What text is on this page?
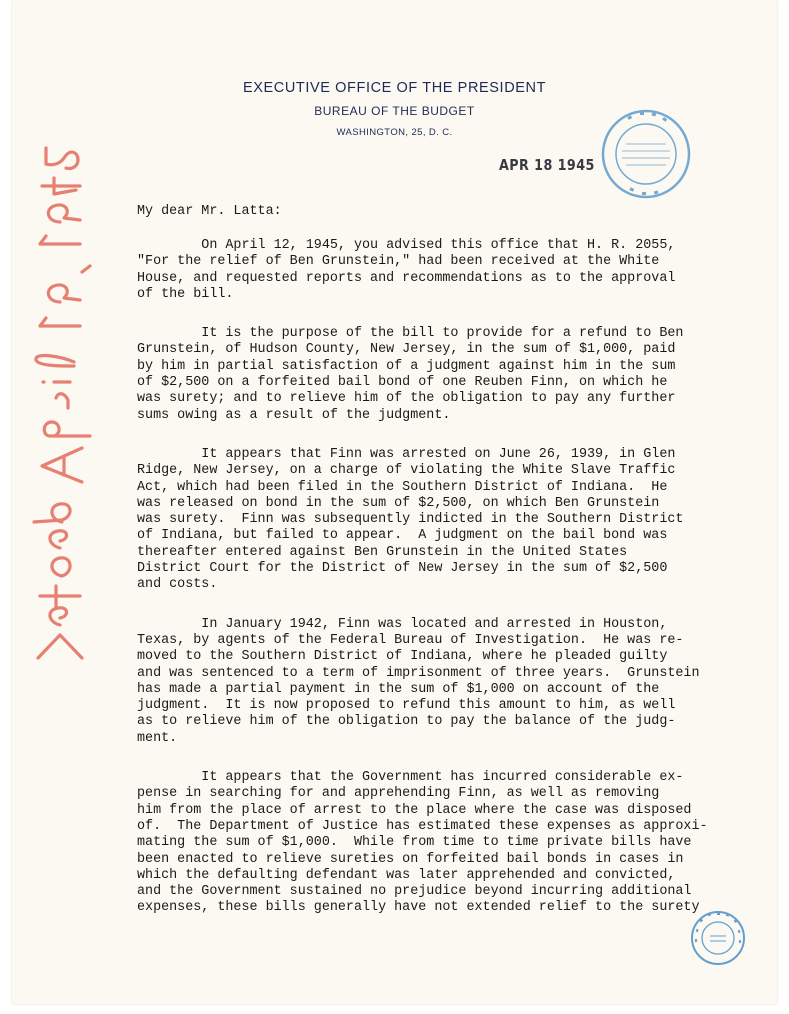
EXECUTIVE OFFICE OF THE PRESIDENT
BUREAU OF THE BUDGET
WASHINGTON, 25, D. C.
APR 18 1945
My dear Mr. Latta:
On April 12, 1945, you advised this office that H. R. 2055,
"For the relief of Ben Grunstein," had been received at the White
House, and requested reports and recommendations as to the approval
of the bill.
It is the purpose of the bill to provide for a refund to Ben
Grunstein, of Hudson County, New Jersey, in the sum of $1,000, paid
by him in partial satisfaction of a judgment against him in the sum
of $2,500 on a forfeited bail bond of one Reuben Finn, on which he
was surety; and to relieve him of the obligation to pay any further
sums owing as a result of the judgment.
It appears that Finn was arrested on June 26, 1939, in Glen
Ridge, New Jersey, on a charge of violating the White Slave Traffic
Act, which had been filed in the Southern District of Indiana.  He
was released on bond in the sum of $2,500, on which Ben Grunstein
was surety.  Finn was subsequently indicted in the Southern District
of Indiana, but failed to appear.  A judgment on the bail bond was
thereafter entered against Ben Grunstein in the United States
District Court for the District of New Jersey in the sum of $2,500
and costs.
In January 1942, Finn was located and arrested in Houston,
Texas, by agents of the Federal Bureau of Investigation.  He was re-
moved to the Southern District of Indiana, where he pleaded guilty
and was sentenced to a term of imprisonment of three years.  Grunstein
has made a partial payment in the sum of $1,000 on account of the
judgment.  It is now proposed to refund this amount to him, as well
as to relieve him of the obligation to pay the balance of the judg-
ment.
It appears that the Government has incurred considerable ex-
pense in searching for and apprehending Finn, as well as removing
him from the place of arrest to the place where the case was disposed
of.  The Department of Justice has estimated these expenses as approxi-
mating the sum of $1,000.  While from time to time private bills have
been enacted to relieve sureties on forfeited bail bonds in cases in
which the defaulting defendant was later apprehended and convicted,
and the Government sustained no prejudice beyond incurring additional
expenses, these bills generally have not extended relief to the surety
